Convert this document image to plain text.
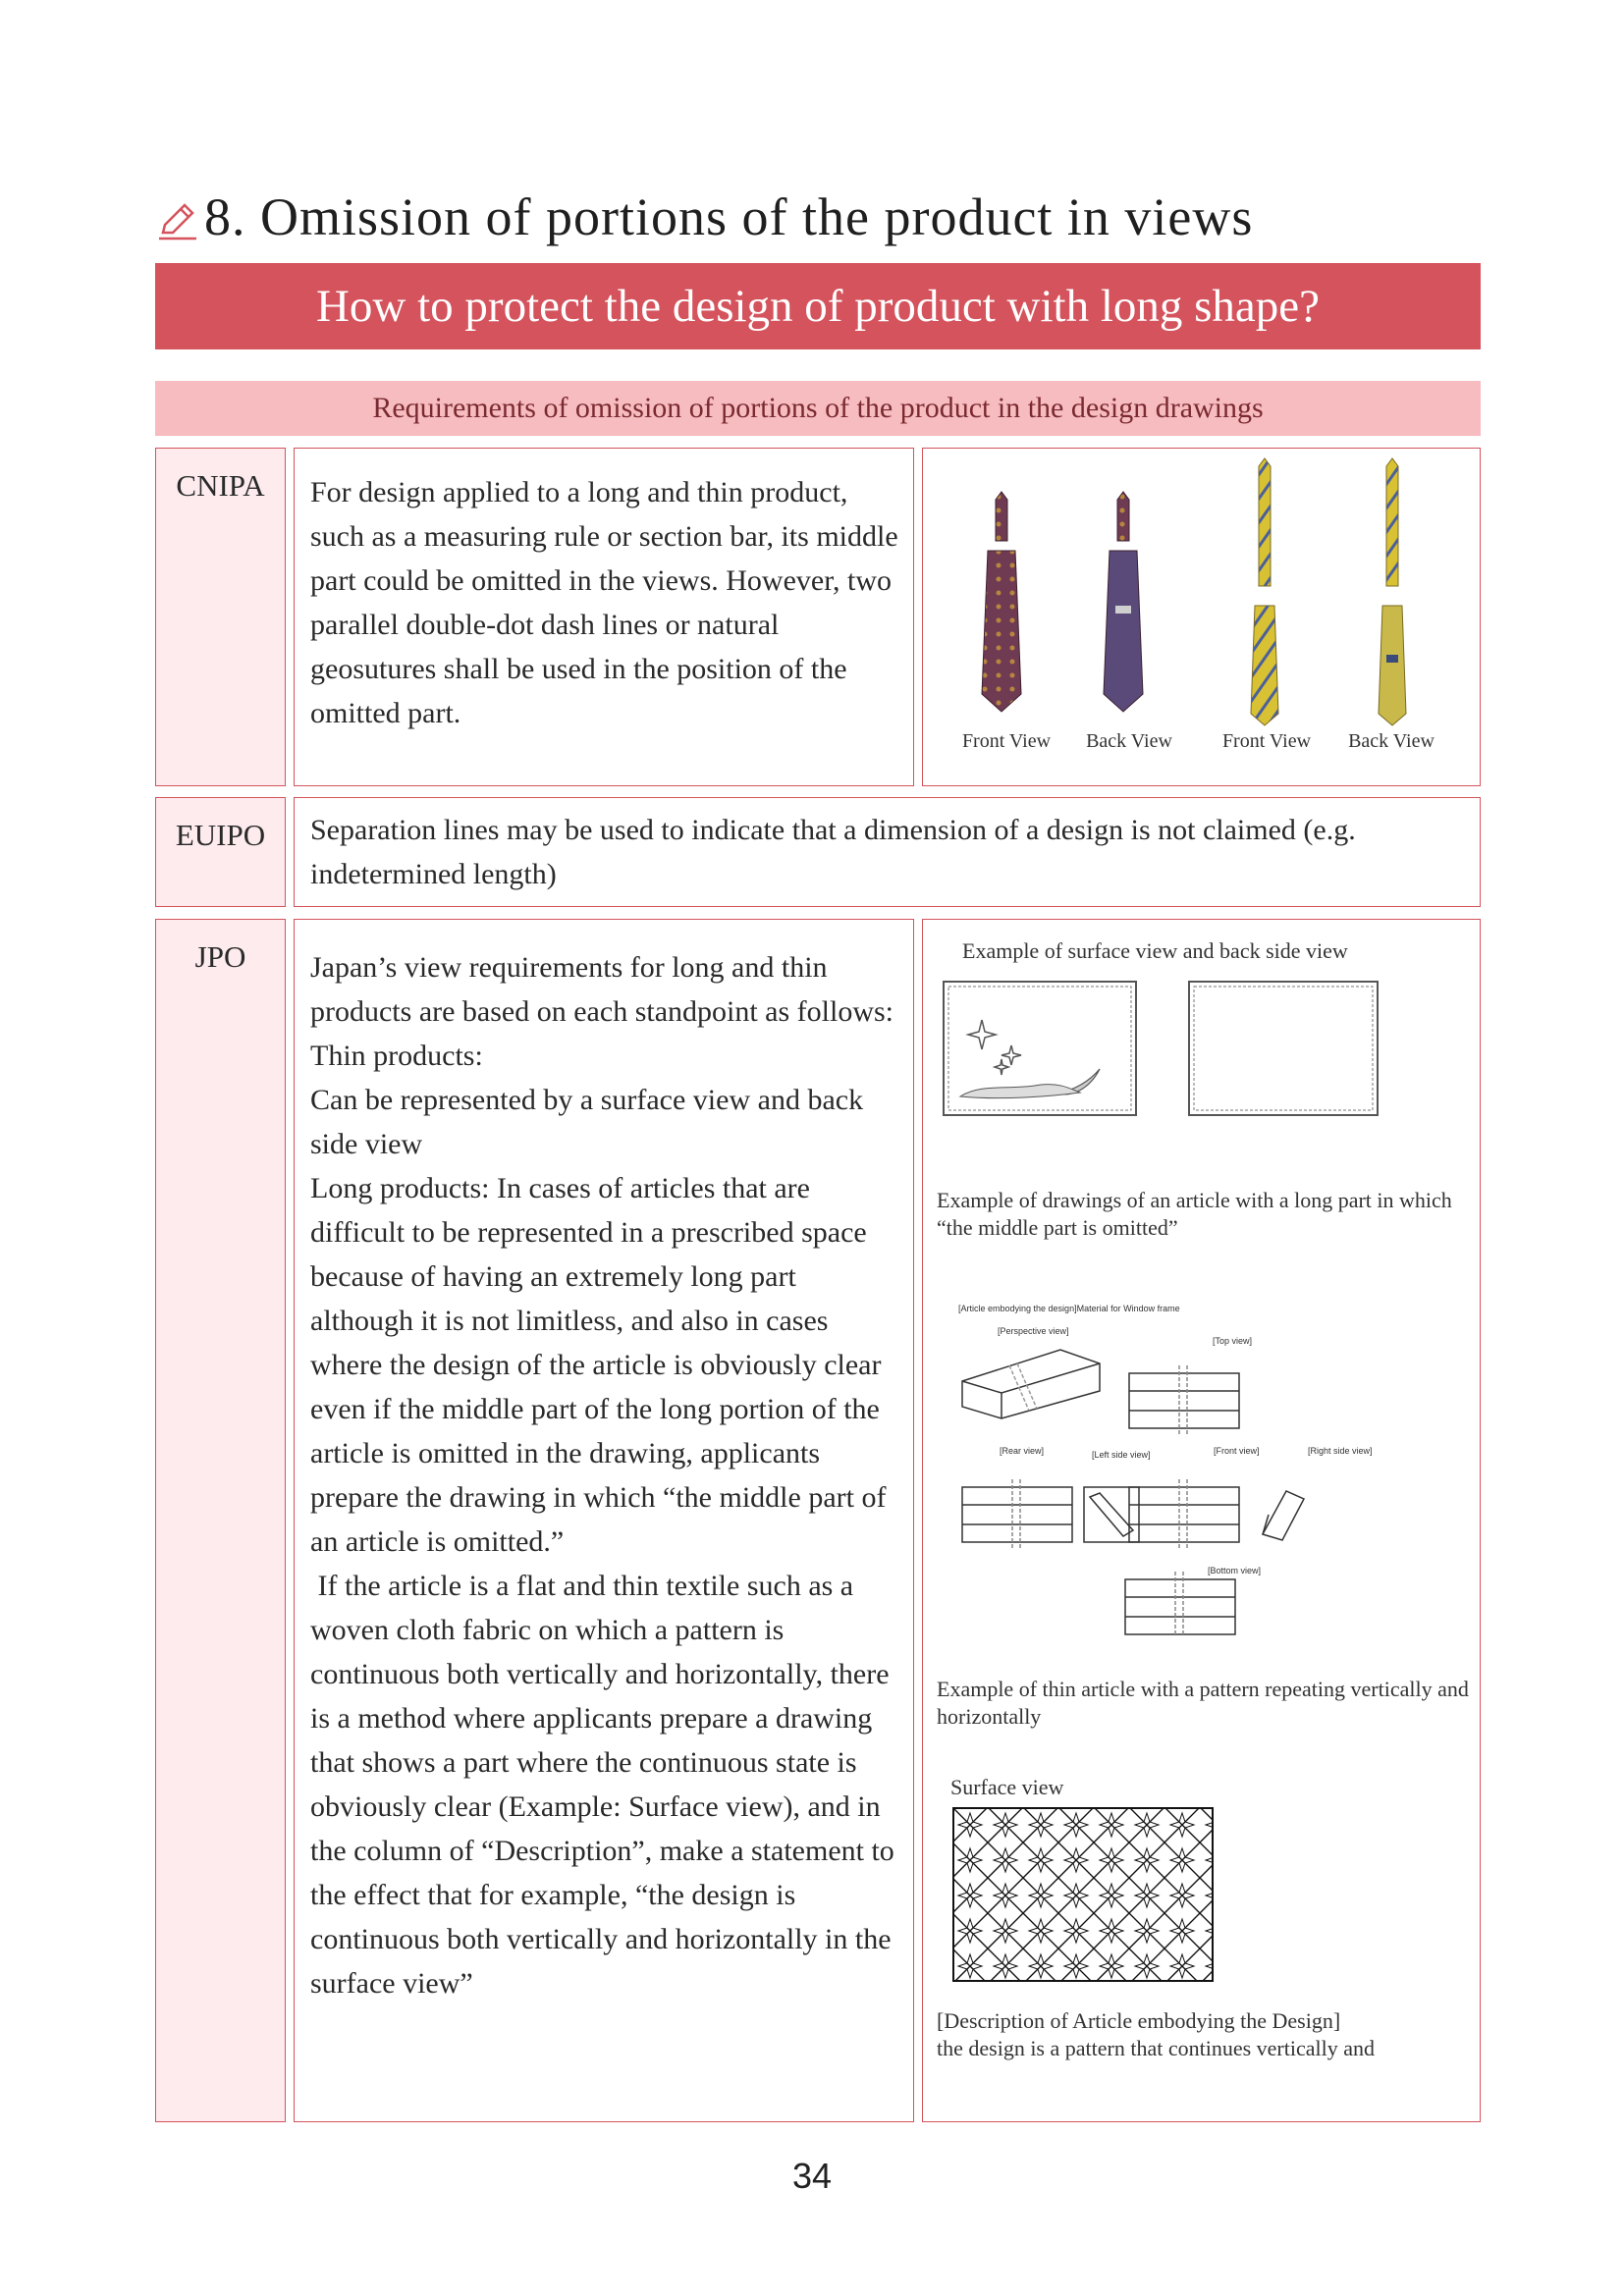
8. Omission of portions of the product in views
How to protect the design of product with long shape?
Requirements of omission of portions of the product in the design drawings
CNIPA	For design applied to a long and thin product, such as a measuring rule or section bar, its middle part could be omitted in the views. However, two parallel double-dot dash lines or natural geosutures shall be used in the position of the omitted part.
Front View Back View	Front View Back View
EUIPO	Separation lines may be used to indicate that a dimension of a design is not claimed (e.g. indetermined length)
JPO	Japan’s view requirements for long and thin products are based on each standpoint as follows:
Thin products:
Can be represented by a surface view and back side view
Long products: In cases of articles that are difficult to be represented in a prescribed space because of having an extremely long part although it is not limitless, and also in cases where the design of the article is obviously clear even if the middle part of the long portion of the article is omitted in the drawing, applicants prepare the drawing in which “the middle part of an article is omitted.”
If the article is a flat and thin textile such as a woven cloth fabric on which a pattern is continuous both vertically and horizontally, there is a method where applicants prepare a drawing that shows a part where the continuous state is obviously clear (Example: Surface view), and in the column of “Description”, make a statement to the effect that for example, “the design is continuous both vertically and horizontally in the surface view”
Example of surface view and back side view
Example of drawings of an article with a long part in which “the middle part is omitted”
[Article embodying the design]Material for Window frame
[Perspective view]
[Top view]
[Rear view]	[Left side view]	[Front view]	[Right side view]
[Bottom view]
Example of thin article with a pattern repeating vertically and horizontally
Surface view
[Description of Article embodying the Design]
the design is a pattern that continues vertically and
34
